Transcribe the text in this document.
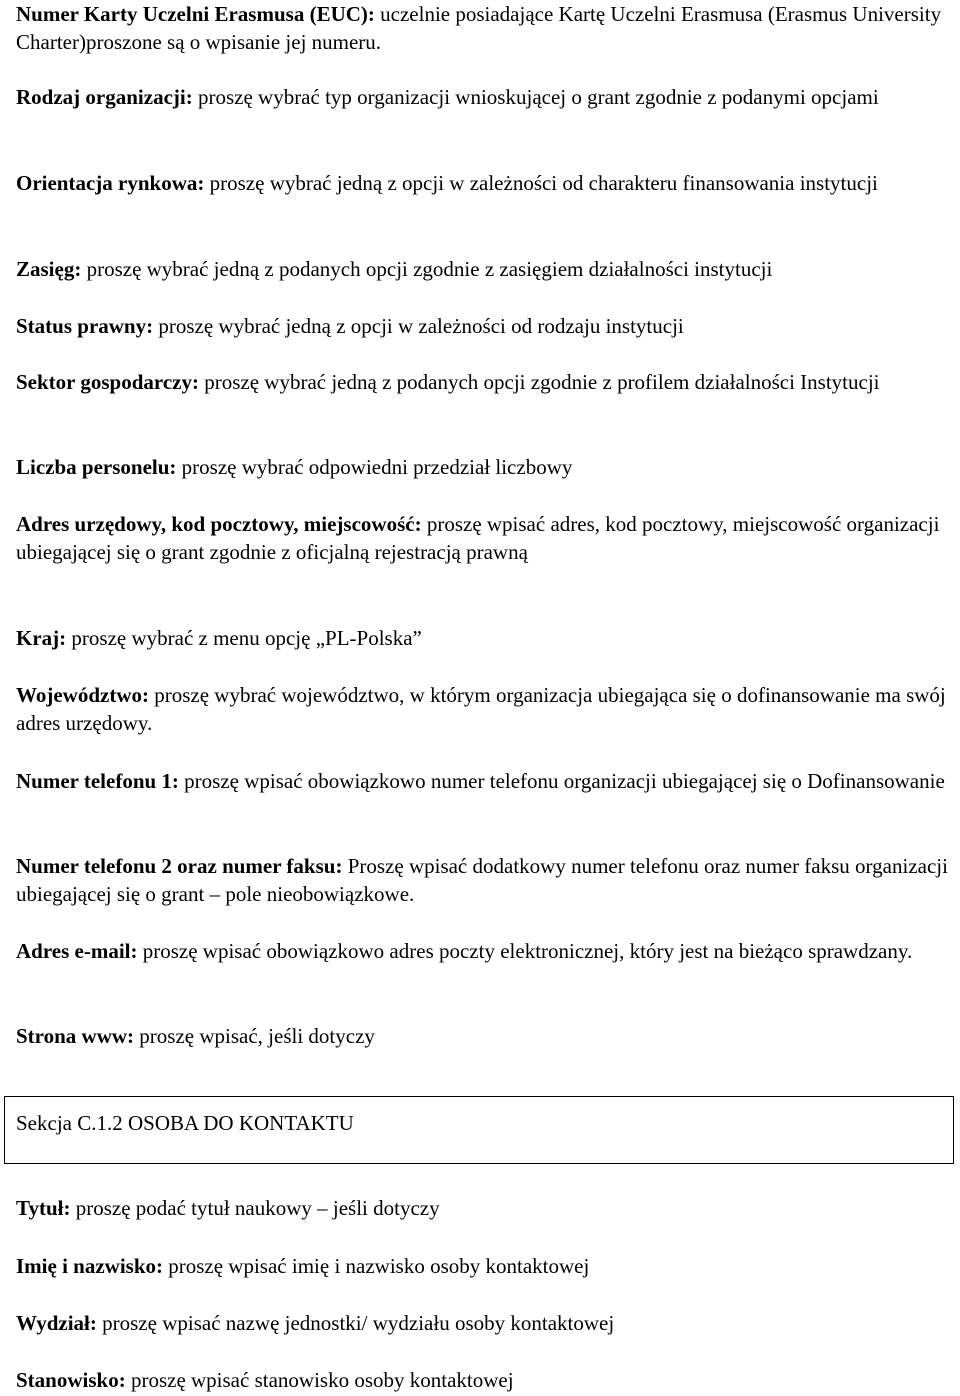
Numer Karty Uczelni Erasmusa (EUC): uczelnie posiadające Kartę Uczelni Erasmusa (Erasmus University Charter)proszone są o wpisanie jej numeru.
Rodzaj organizacji: proszę wybrać typ organizacji wnioskującej o grant zgodnie z podanymi opcjami
Orientacja rynkowa: proszę wybrać jedną z opcji w zależności od charakteru finansowania instytucji
Zasięg: proszę wybrać jedną z podanych opcji zgodnie z zasięgiem działalności instytucji
Status prawny: proszę wybrać jedną z opcji w zależności od rodzaju instytucji
Sektor gospodarczy: proszę wybrać jedną z podanych opcji zgodnie z profilem działalności Instytucji
Liczba personelu: proszę wybrać odpowiedni przedział liczbowy
Adres urzędowy, kod pocztowy, miejscowość: proszę wpisać adres, kod pocztowy, miejscowość organizacji ubiegającej się o grant zgodnie z oficjalną rejestracją prawną
Kraj: proszę wybrać z menu opcję „PL-Polska”
Województwo: proszę wybrać województwo, w którym organizacja ubiegająca się o dofinansowanie ma swój adres urzędowy.
Numer telefonu 1: proszę wpisać obowiązkowo numer telefonu organizacji ubiegającej się o Dofinansowanie
Numer telefonu 2 oraz numer faksu: Proszę wpisać dodatkowy numer telefonu oraz numer faksu organizacji ubiegającej się o grant – pole nieobowiązkowe.
Adres e-mail: proszę wpisać obowiązkowo adres poczty elektronicznej, który jest na bieżąco sprawdzany.
Strona www: proszę wpisać, jeśli dotyczy
Tytuł: proszę podać tytuł naukowy – jeśli dotyczy
Imię i nazwisko: proszę wpisać imię i nazwisko osoby kontaktowej
Wydział: proszę wpisać nazwę jednostki/ wydziału osoby kontaktowej
Stanowisko: proszę wpisać stanowisko osoby kontaktowej
Sekcja C.1.2 OSOBA DO KONTAKTU
